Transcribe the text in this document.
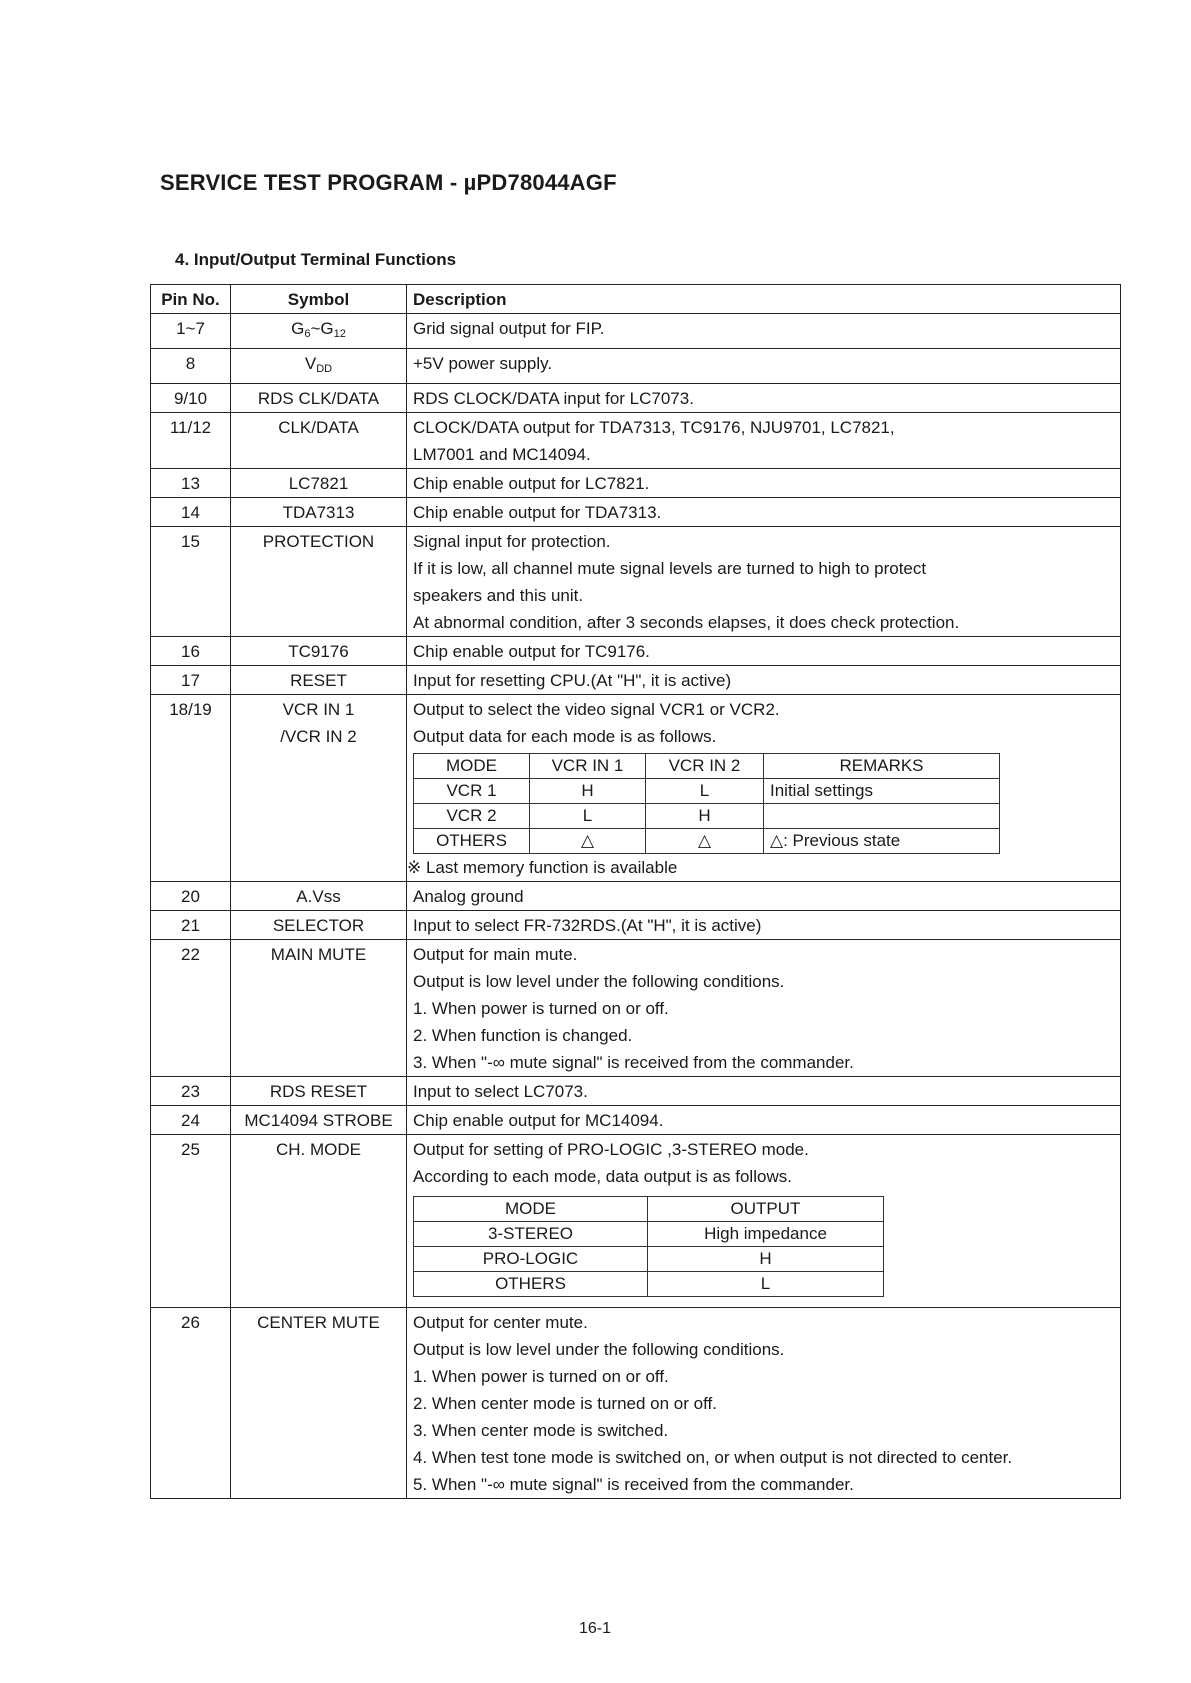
SERVICE TEST PROGRAM - µPD78044AGF
4. Input/Output Terminal Functions
Pin No.	Symbol	Description
1~7	$G_6\sim G_{12}$	Grid signal output for FIP.
8	$V_{DD}$	+5V power supply.
9/10	RDS CLK/DATA	RDS CLOCK/DATA input for LC7073.
11/12	CLK/DATA	CLOCK/DATA output for TDA7313, TC9176, NJU9701, LC7821,
LM7001 and MC14094.

13	LC7821	Chip enable output for LC7821.
14	TDA7313	Chip enable output for TDA7313.
15	PROTECTION	Signal input for protection.
If it is low, all channel mute signal levels are turned to high to protect
speakers and this unit.
At abnormal condition, after 3 seconds elapses, it does check protection.

16	TC9176	Chip enable output for TC9176.
17	RESET	Input for resetting CPU.(At "H", it is active)
18/19	VCR IN 1
/VCR IN 2

Output to select the video signal VCR1 or VCR2.
Output data for each mode is as follows.
MODE	VCR IN 1	VCR IN 2	REMARKS
VCR 1	H	L	Initial settings
VCR 2	L	H	
OTHERS	△	△	△: Previous state
※ Last memory function is available

20	A.Vss	Analog ground
21	SELECTOR	Input to select FR-732RDS.(At "H", it is active)
22	MAIN MUTE	Output for main mute.
Output is low level under the following conditions.
1. When power is turned on or off.
2. When function is changed.
3. When "-∞ mute signal" is received from the commander.

23	RDS RESET	Input to select LC7073.
24	MC14094 STROBE	Chip enable output for MC14094.
25	CH. MODE	Output for setting of PRO-LOGIC ,3-STEREO mode.
According to each mode, data output is as follows.
MODE	OUTPUT
3-STEREO	High impedance
PRO-LOGIC	H
OTHERS	L

26	CENTER MUTE	Output for center mute.
Output is low level under the following conditions.
1. When power is turned on or off.
2. When center mode is turned on or off.
3. When center mode is switched.
4. When test tone mode is switched on, or when output is not directed to center.
5. When "-∞ mute signal" is received from the commander.
16-1
